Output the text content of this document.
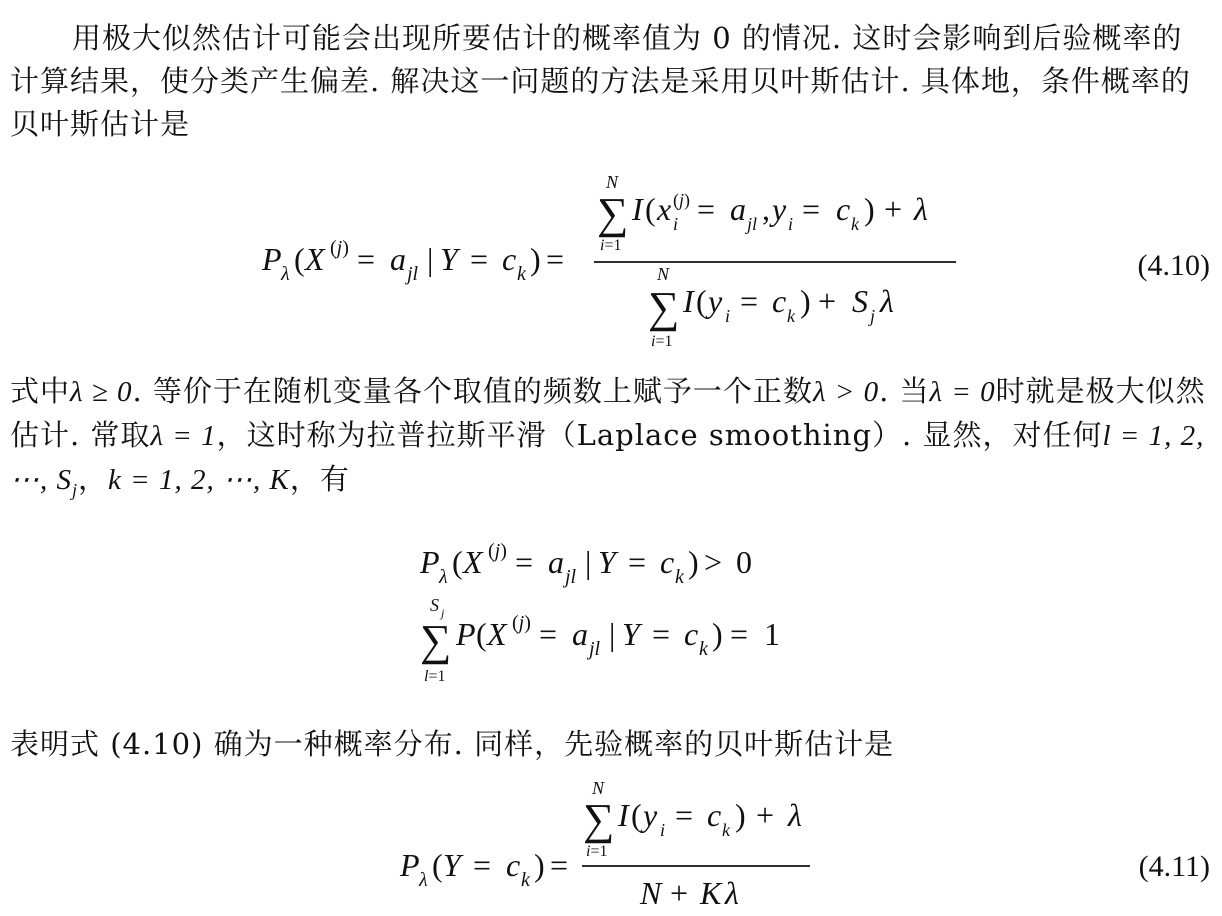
用极大似然估计可能会出现所要估计的概率值为 0 的情况. 这时会影响到后验概率的计算结果，使分类产生偏差. 解决这一问题的方法是采用贝叶斯估计. 具体地，条件概率的贝叶斯估计是

P λ ( X (j) = a jl | Y = c k ) =
N
∑
i=1
I ( x i
(j) = a jl , y i = c k ) + λ
N
∑
i=1
I ( y i = c k ) + S j λ
(4.10)

式中λ ≥ 0. 等价于在随机变量各个取值的频数上赋予一个正数λ > 0. 当λ = 0时就是极大似然估计. 常取λ = 1，这时称为拉普拉斯平滑（Laplace smoothing）. 显然，对任何l = 1, 2, ⋯, $S_j$，k = 1, 2, ⋯, K，有

P λ ( X (j) = a jl | Y = c k ) > 0
S j
∑
l=1
P ( X (j) = a jl | Y = c k ) = 1

表明式 (4.10) 确为一种概率分布. 同样，先验概率的贝叶斯估计是

P λ ( Y = c k ) =
N
∑
i=1
I ( y i = c k ) + λ
N + K λ
(4.11)
